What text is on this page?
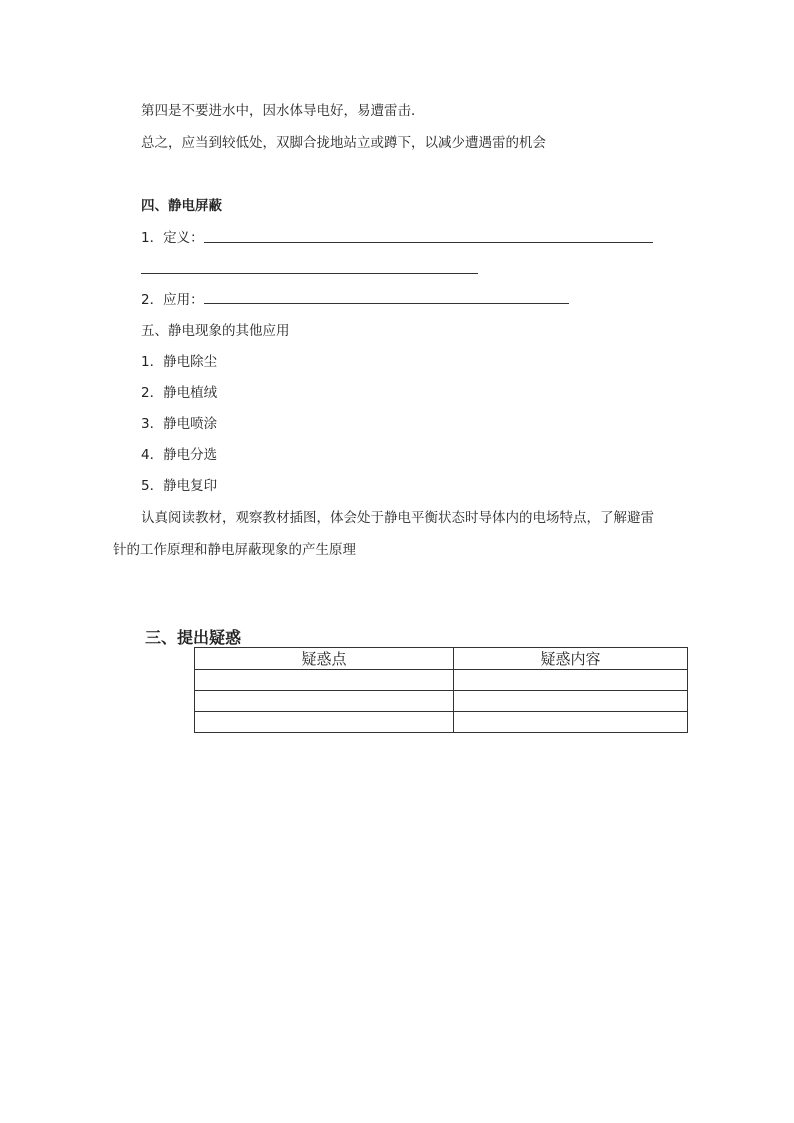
第四是不要进水中，因水体导电好，易遭雷击．
总之，应当到较低处，双脚合拢地站立或蹲下，以减少遭遇雷的机会
四、静电屏蔽
1．定义：
2．应用：
五、静电现象的其他应用
1．静电除尘
2．静电植绒
3．静电喷涂
4．静电分选
5．静电复印
认真阅读教材，观察教材插图，体会处于静电平衡状态时导体内的电场特点，了解避雷
针的工作原理和静电屏蔽现象的产生原理
三、提出疑惑
疑惑点	疑惑内容
